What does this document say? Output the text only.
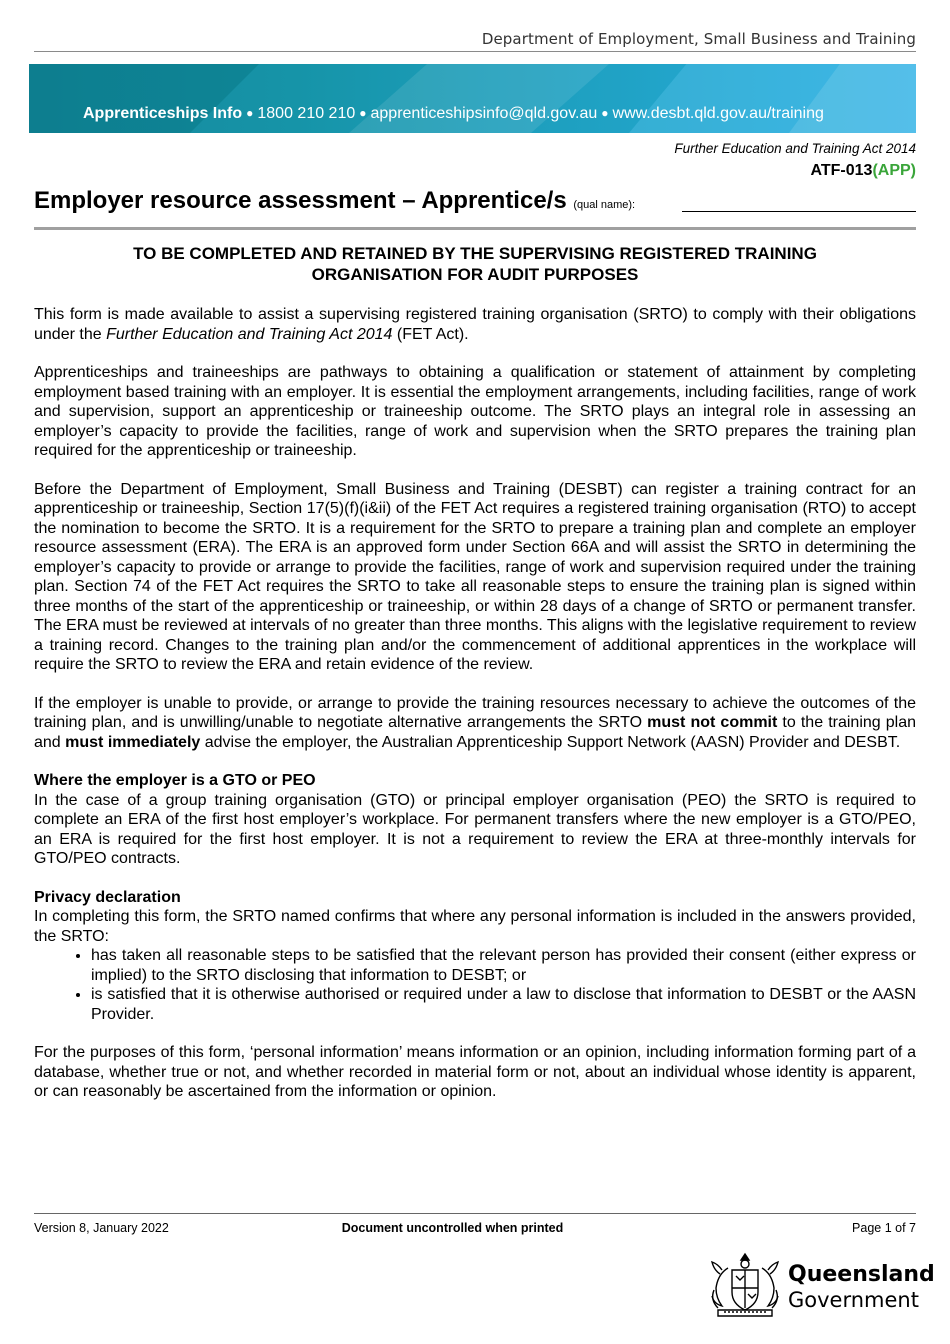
Department of Employment, Small Business and Training
Apprenticeships Info ● 1800 210 210 ● apprenticeshipsinfo@qld.gov.au ● www.desbt.qld.gov.au/training
Further Education and Training Act 2014
ATF-013(APP)
Employer resource assessment – Apprentice/s (qual name):
TO BE COMPLETED AND RETAINED BY THE SUPERVISING REGISTERED TRAINING
ORGANISATION FOR AUDIT PURPOSES

This form is made available to assist a supervising registered training organisation (SRTO) to comply with their obligations under the Further Education and Training Act 2014 (FET Act).

Apprenticeships and traineeships are pathways to obtaining a qualification or statement of attainment by completing employment based training with an employer. It is essential the employment arrangements, including facilities, range of work and supervision, support an apprenticeship or traineeship outcome. The SRTO plays an integral role in assessing an employer’s capacity to provide the facilities, range of work and supervision when the SRTO prepares the training plan required for the apprenticeship or traineeship.

Before the Department of Employment, Small Business and Training (DESBT) can register a training contract for an apprenticeship or traineeship, Section 17(5)(f)(i&ii) of the FET Act requires a registered training organisation (RTO) to accept the nomination to become the SRTO. It is a requirement for the SRTO to prepare a training plan and complete an employer resource assessment (ERA). The ERA is an approved form under Section 66A and will assist the SRTO in determining the employer’s capacity to provide or arrange to provide the facilities, range of work and supervision required under the training plan. Section 74 of the FET Act requires the SRTO to take all reasonable steps to ensure the training plan is signed within three months of the start of the apprenticeship or traineeship, or within 28 days of a change of SRTO or permanent transfer. The ERA must be reviewed at intervals of no greater than three months. This aligns with the legislative requirement to review a training record. Changes to the training plan and/or the commencement of additional apprentices in the workplace will require the SRTO to review the ERA and retain evidence of the review.

If the employer is unable to provide, or arrange to provide the training resources necessary to achieve the outcomes of the training plan, and is unwilling/unable to negotiate alternative arrangements the SRTO must not commit to the training plan and must immediately advise the employer, the Australian Apprenticeship Support Network (AASN) Provider and DESBT.

Where the employer is a GTO or PEO

In the case of a group training organisation (GTO) or principal employer organisation (PEO) the SRTO is required to complete an ERA of the first host employer’s workplace. For permanent transfers where the new employer is a GTO/PEO, an ERA is required for the first host employer. It is not a requirement to review the ERA at three-monthly intervals for GTO/PEO contracts.

Privacy declaration

In completing this form, the SRTO named confirms that where any personal information is included in the answers provided, the SRTO:

• has taken all reasonable steps to be satisfied that the relevant person has provided their consent (either express or implied) to the SRTO disclosing that information to DESBT; or
• is satisfied that it is otherwise authorised or required under a law to disclose that information to DESBT or the AASN Provider.

For the purposes of this form, ‘personal information’ means information or an opinion, including information forming part of a database, whether true or not, and whether recorded in material form or not, about an individual whose identity is apparent, or can reasonably be ascertained from the information or opinion.

Version 8, January 2022	Document uncontrolled when printed	Page 1 of 7
Queensland
Government
